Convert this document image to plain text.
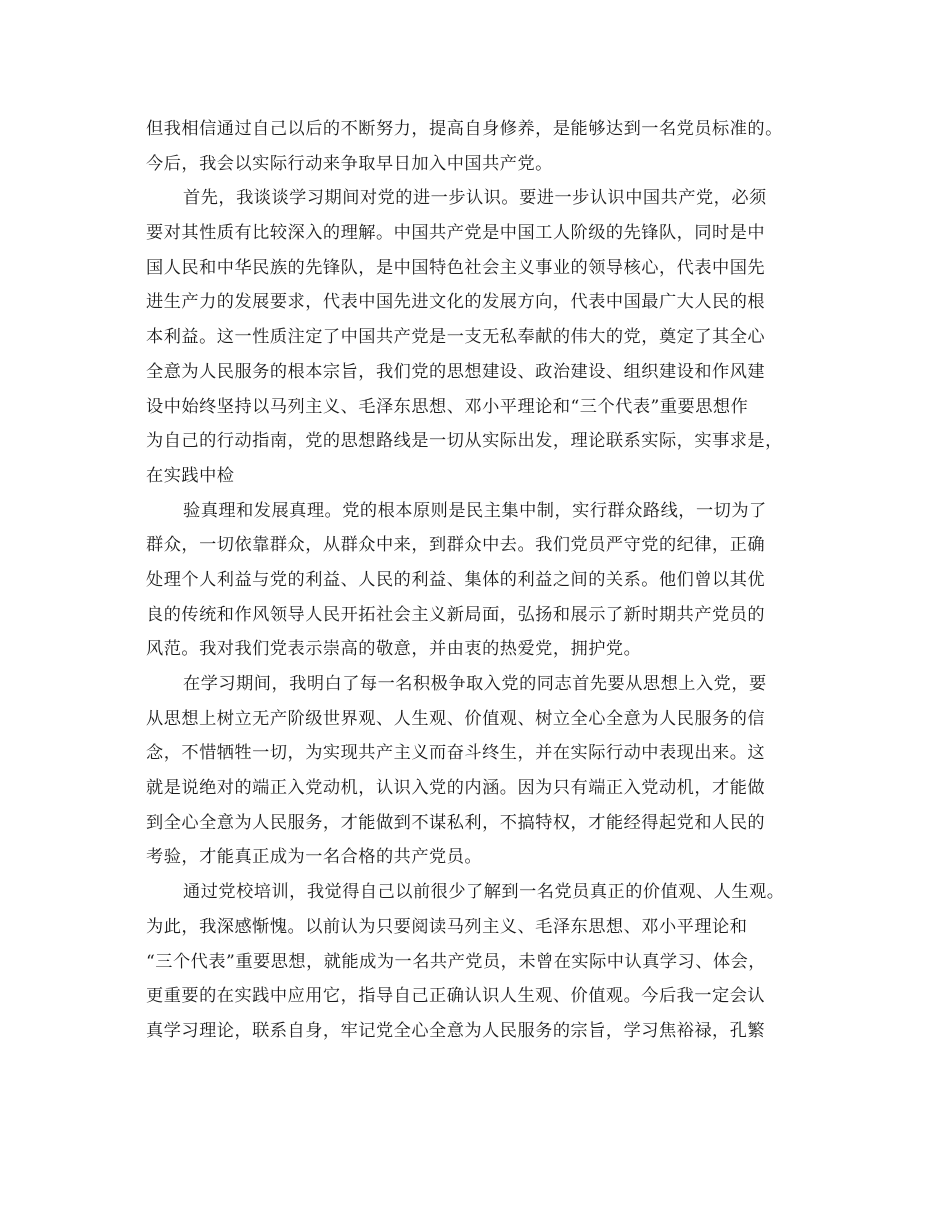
但我相信通过自己以后的不断努力，提高自身修养，是能够达到一名党员标准的。
今后，我会以实际行动来争取早日加入中国共产党。
首先，我谈谈学习期间对党的进一步认识。要进一步认识中国共产党，必须
要对其性质有比较深入的理解。中国共产党是中国工人阶级的先锋队，同时是中
国人民和中华民族的先锋队，是中国特色社会主义事业的领导核心，代表中国先
进生产力的发展要求，代表中国先进文化的发展方向，代表中国最广大人民的根
本利益。这一性质注定了中国共产党是一支无私奉献的伟大的党，奠定了其全心
全意为人民服务的根本宗旨，我们党的思想建设、政治建设、组织建设和作风建
设中始终坚持以马列主义、毛泽东思想、邓小平理论和“三个代表”重要思想作
为自己的行动指南，党的思想路线是一切从实际出发，理论联系实际，实事求是，
在实践中检
验真理和发展真理。党的根本原则是民主集中制，实行群众路线，一切为了
群众，一切依靠群众，从群众中来，到群众中去。我们党员严守党的纪律，正确
处理个人利益与党的利益、人民的利益、集体的利益之间的关系。他们曾以其优
良的传统和作风领导人民开拓社会主义新局面，弘扬和展示了新时期共产党员的
风范。我对我们党表示崇高的敬意，并由衷的热爱党，拥护党。
在学习期间，我明白了每一名积极争取入党的同志首先要从思想上入党，要
从思想上树立无产阶级世界观、人生观、价值观、树立全心全意为人民服务的信
念，不惜牺牲一切，为实现共产主义而奋斗终生，并在实际行动中表现出来。这
就是说绝对的端正入党动机，认识入党的内涵。因为只有端正入党动机，才能做
到全心全意为人民服务，才能做到不谋私利，不搞特权，才能经得起党和人民的
考验，才能真正成为一名合格的共产党员。
通过党校培训，我觉得自己以前很少了解到一名党员真正的价值观、人生观。
为此，我深感惭愧。以前认为只要阅读马列主义、毛泽东思想、邓小平理论和
“三个代表”重要思想，就能成为一名共产党员，未曾在实际中认真学习、体会，
更重要的在实践中应用它，指导自己正确认识人生观、价值观。今后我一定会认
真学习理论，联系自身，牢记党全心全意为人民服务的宗旨，学习焦裕禄，孔繁
